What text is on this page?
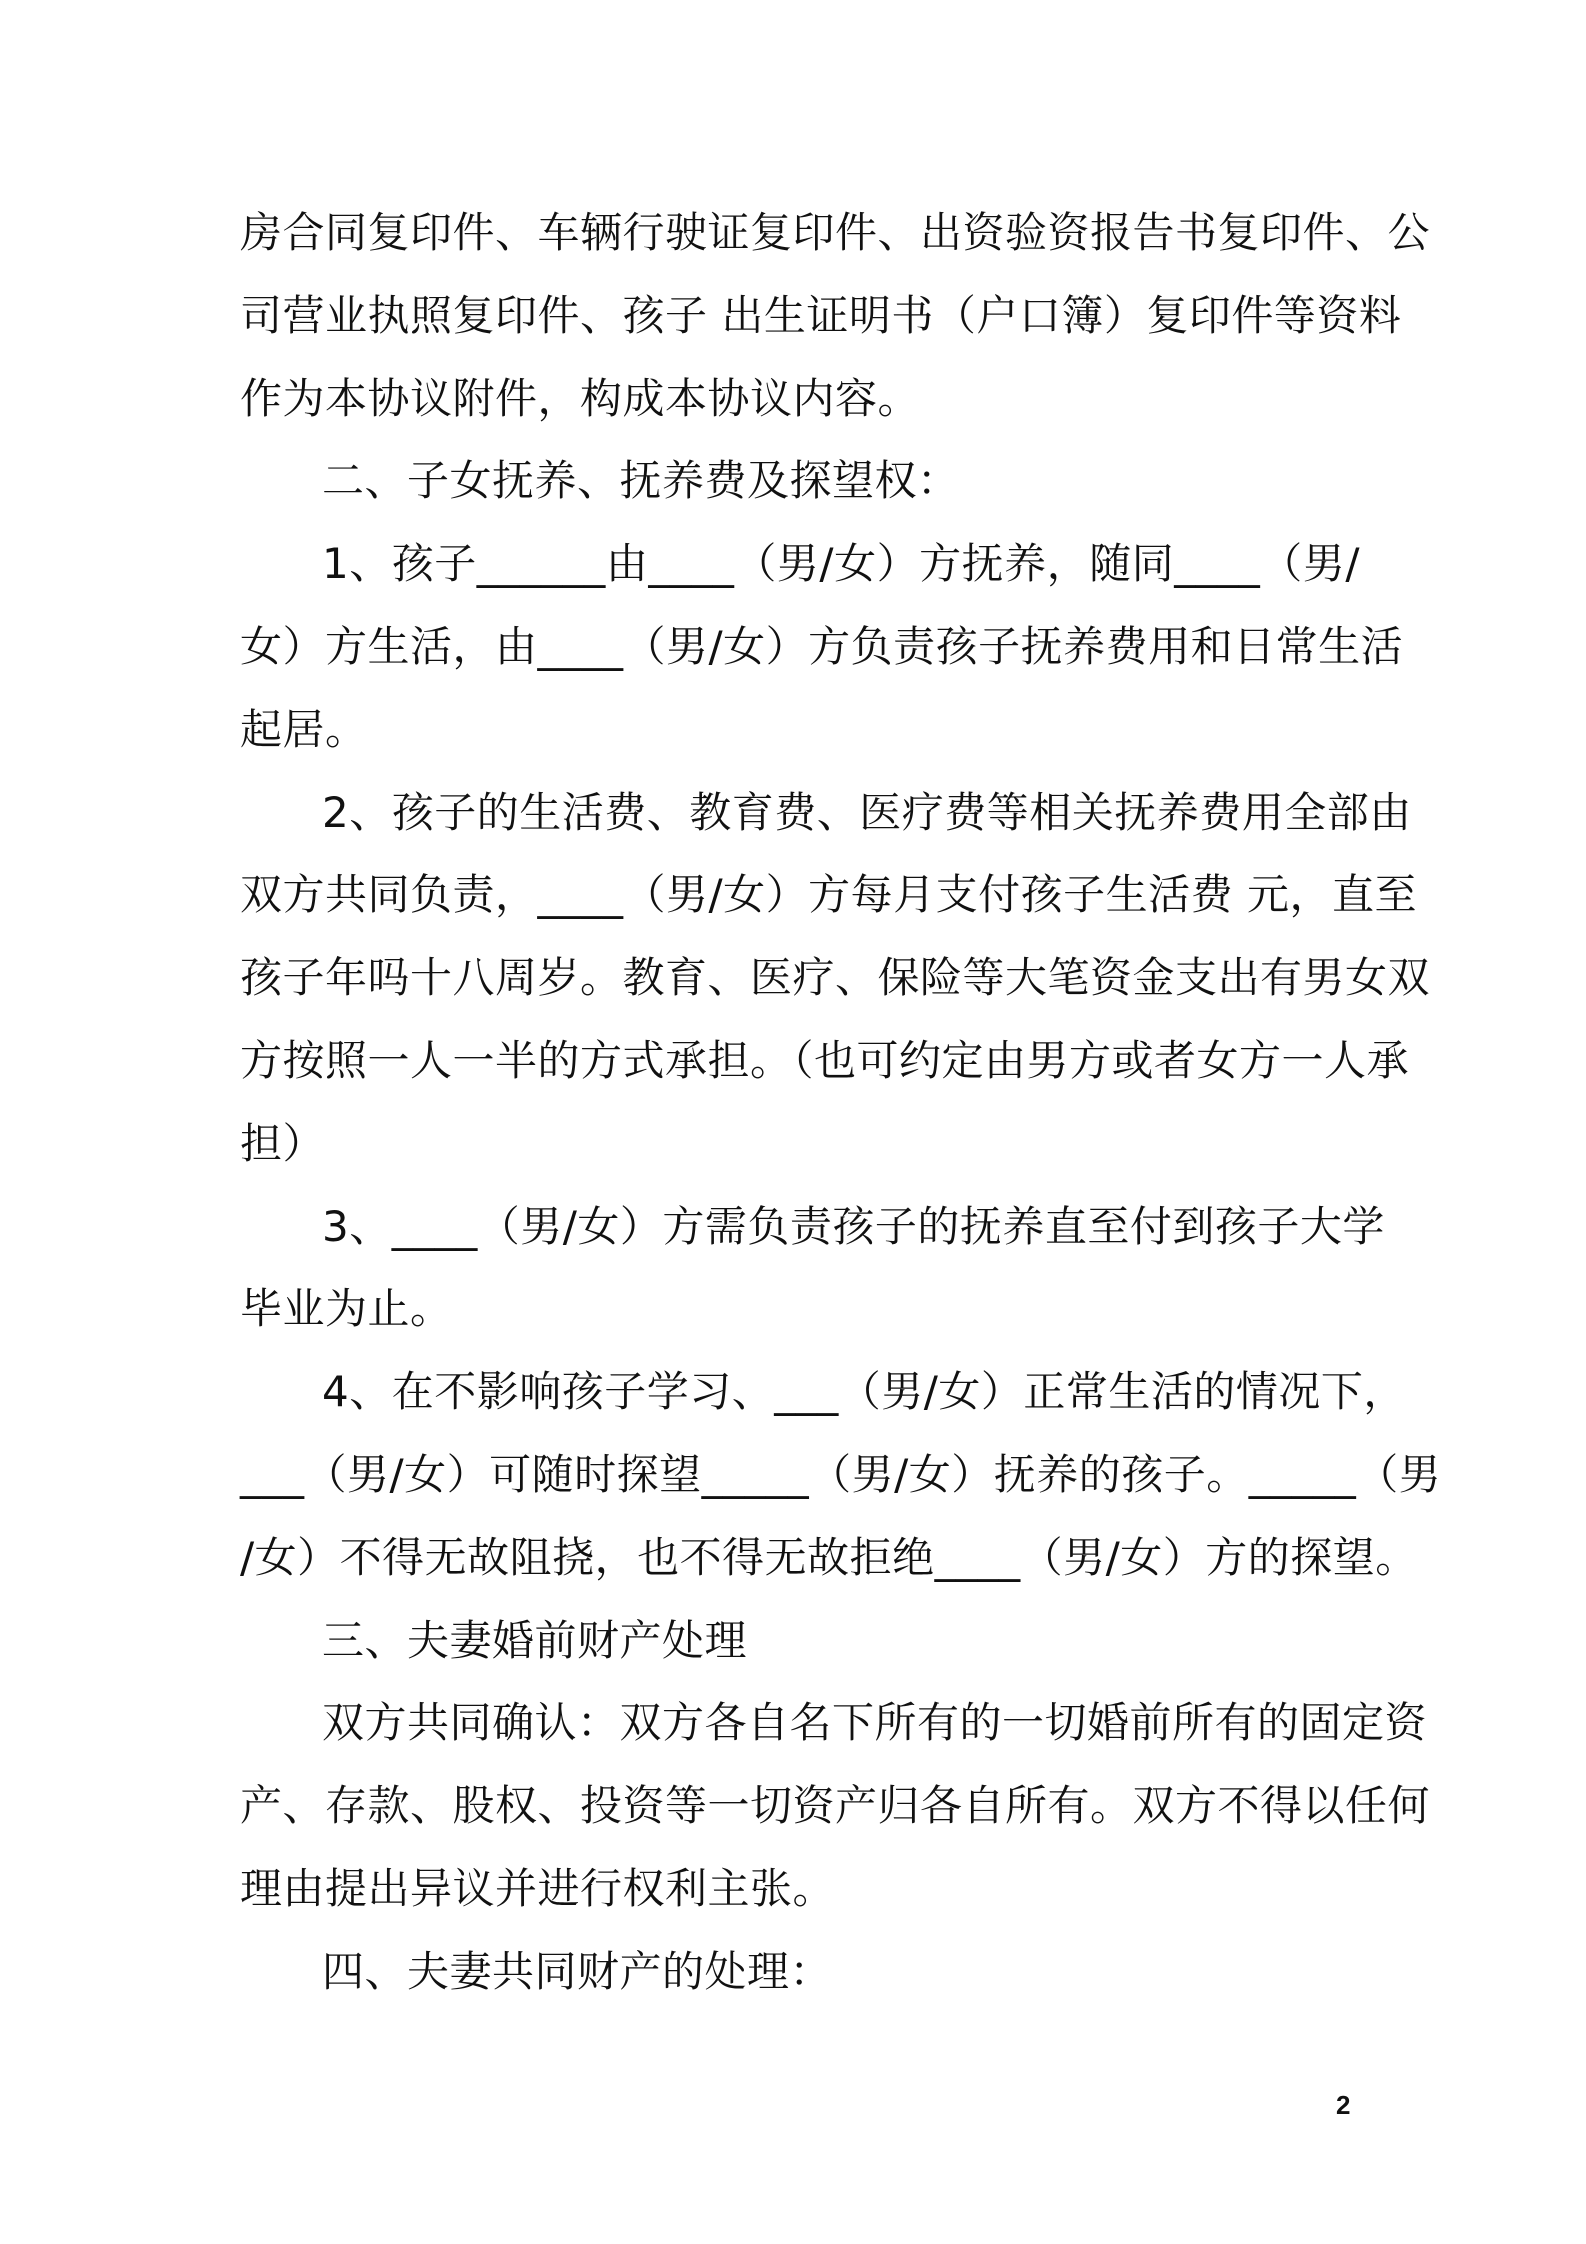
房合同复印件、车辆行驶证复印件、出资验资报告书复印件、公
司营业执照复印件、孩子 出生证明书（户口簿）复印件等资料
作为本协议附件，构成本协议内容。
二、子女抚养、抚养费及探望权：
1、孩子______由____（男/女）方抚养，随同____（男/
女）方生活，由____（男/女）方负责孩子抚养费用和日常生活
起居。
2、孩子的生活费、教育费、医疗费等相关抚养费用全部由
双方共同负责，____（男/女）方每月支付孩子生活费 元，直至
孩子年吗十八周岁。教育、医疗、保险等大笔资金支出有男女双
方按照一人一半的方式承担。（也可约定由男方或者女方一人承
担）
3、____（男/女）方需负责孩子的抚养直至付到孩子大学
毕业为止。
4、在不影响孩子学习、___（男/女）正常生活的情况下，
___（男/女）可随时探望_____（男/女）抚养的孩子。_____（男
/女）不得无故阻挠，也不得无故拒绝____（男/女）方的探望。
三、夫妻婚前财产处理
双方共同确认：双方各自名下所有的一切婚前所有的固定资
产、存款、股权、投资等一切资产归各自所有。双方不得以任何
理由提出异议并进行权利主张。
四、夫妻共同财产的处理：
2
